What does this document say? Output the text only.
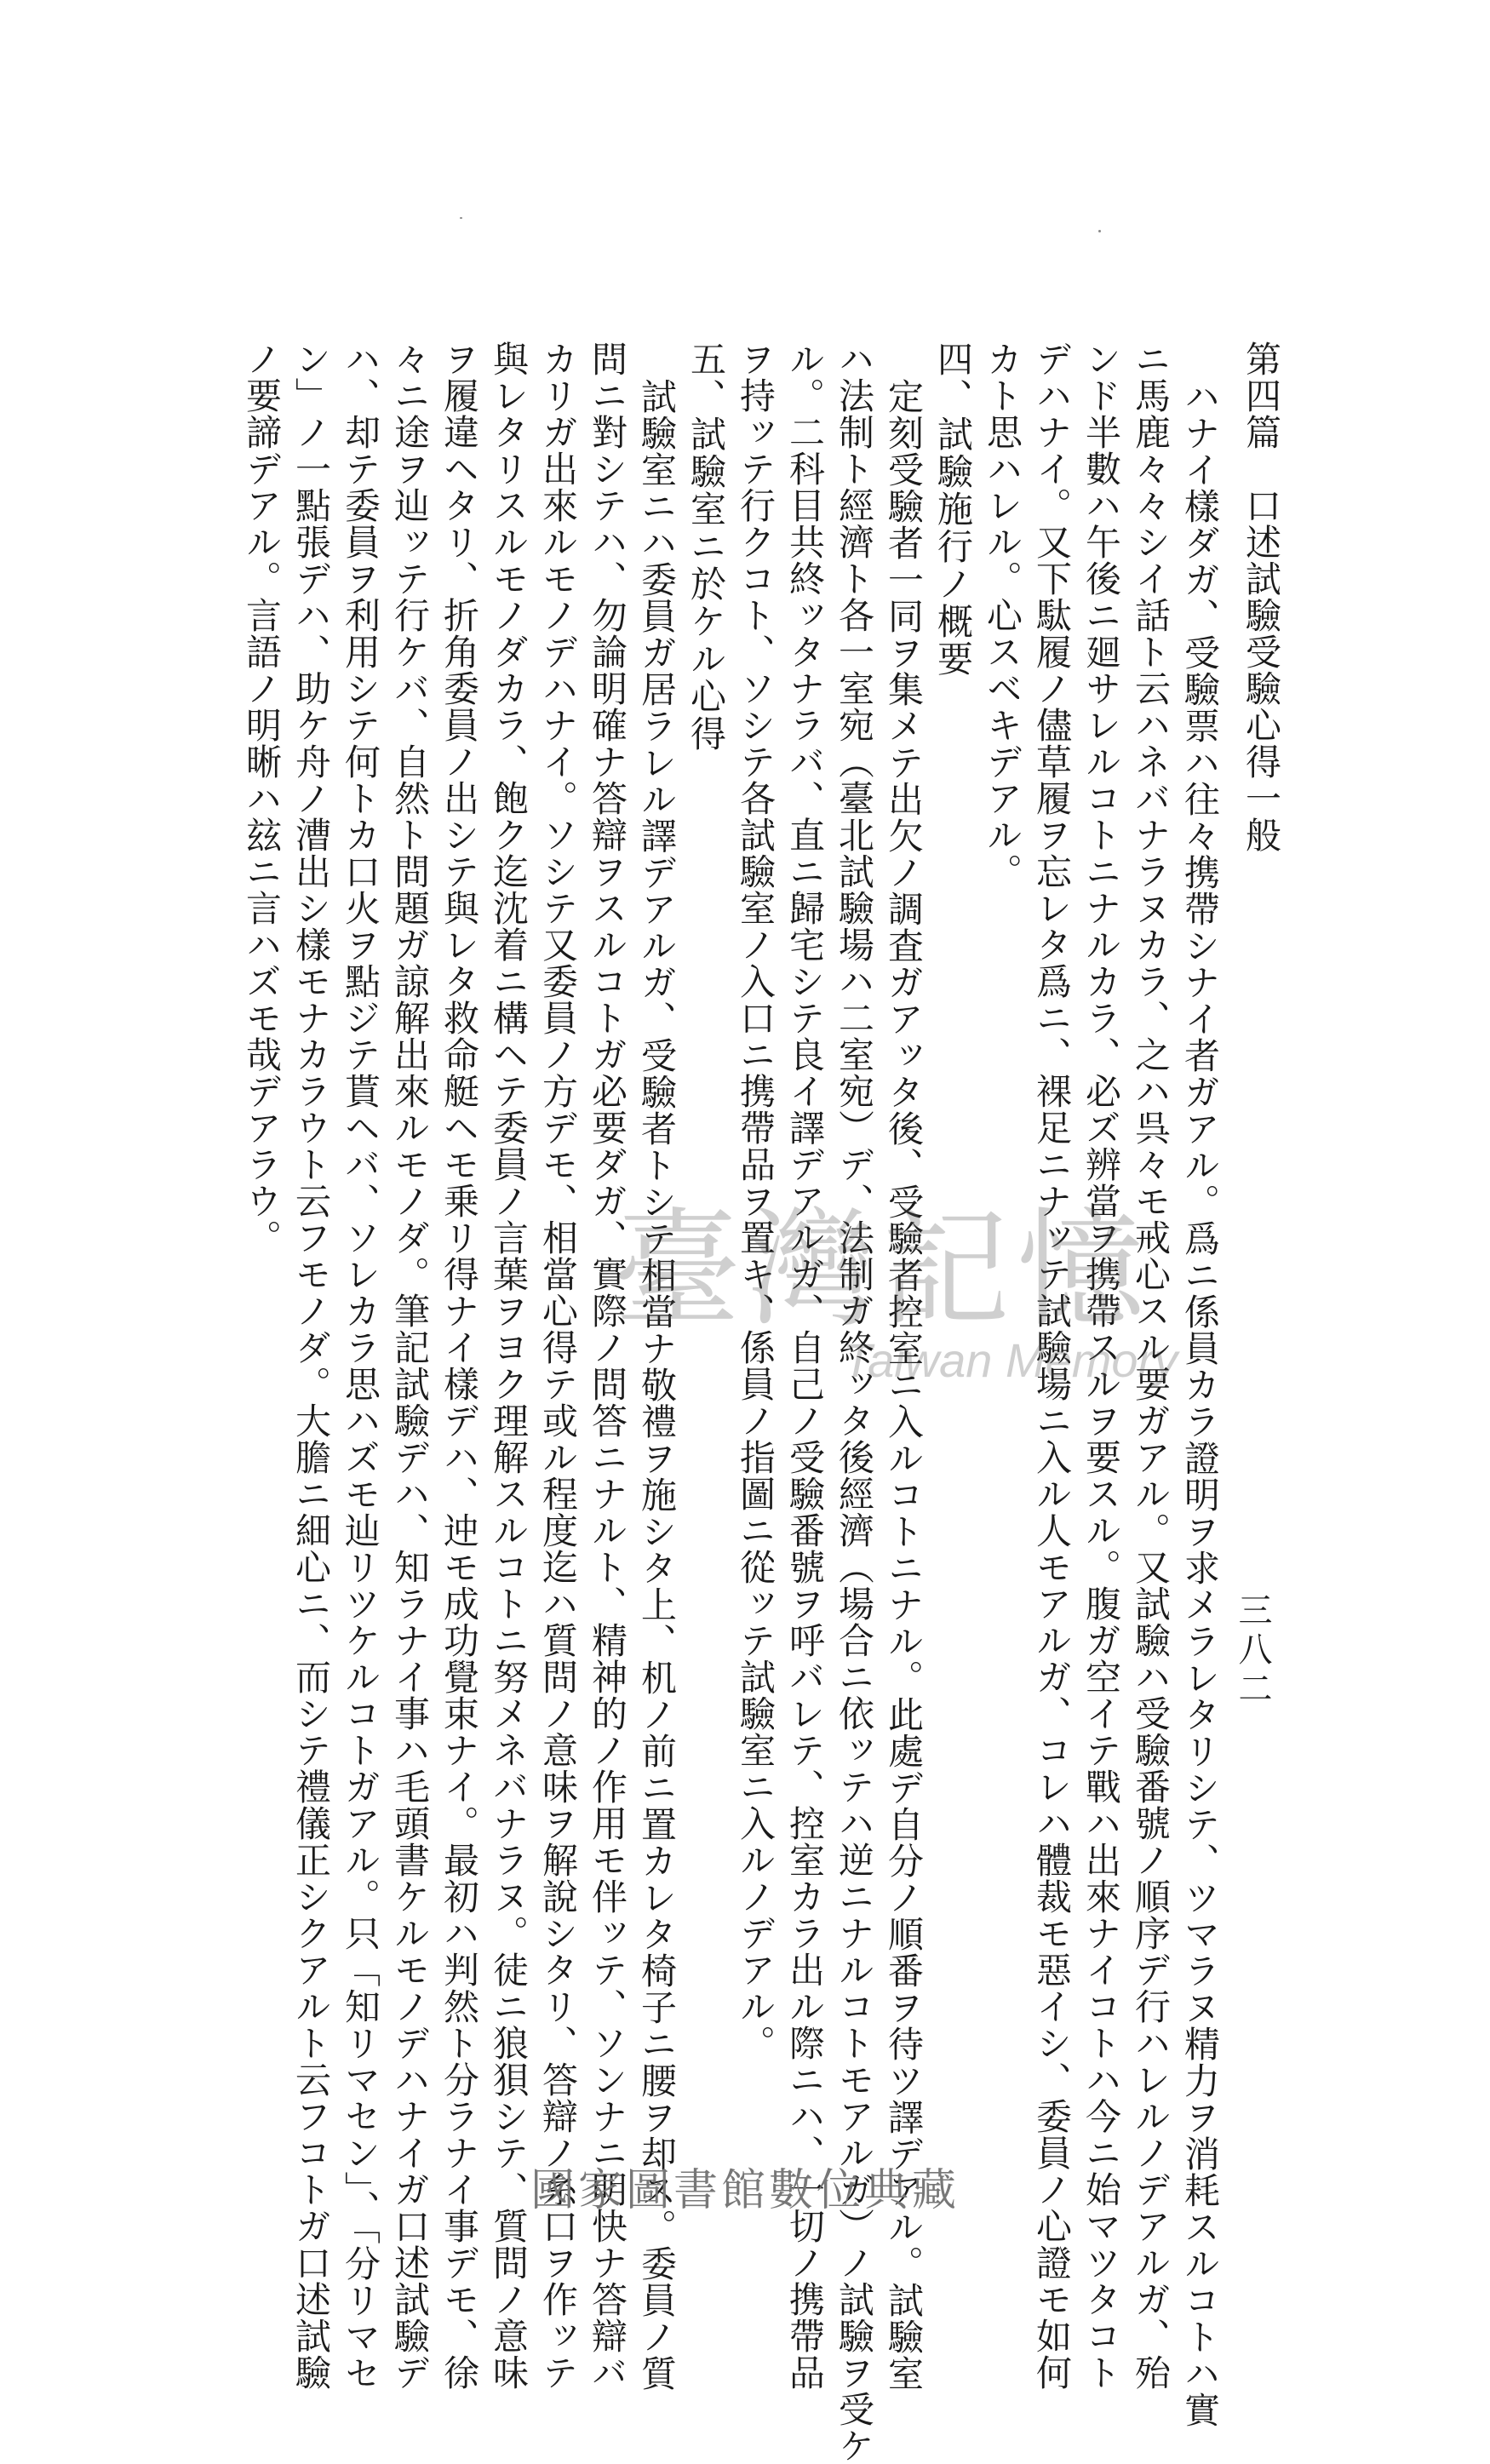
第四篇　口述試驗受驗心得一般
ハナイ樣ダガ、受驗票ハ往々携帶シナイ者ガアル。爲ニ係員カラ證明ヲ求メラレタリシテ、ツマラヌ精力ヲ消耗スルコトハ實
ニ馬鹿々々シイ話ト云ハネバナラヌカラ、之ハ呉々モ戒心スル要ガアル。又試驗ハ受驗番號ノ順序デ行ハレルノデアルガ、殆
ンド半數ハ午後ニ廻サレルコトニナルカラ、必ズ辨當ヲ携帶スルヲ要スル。腹ガ空イテ戰ハ出來ナイコトハ今ニ始マツタコト
デハナイ。又下駄履ノ儘草履ヲ忘レタ爲ニ、裸足ニナッテ試驗場ニ入ル人モアルガ、コレハ體裁モ惡イシ、委員ノ心證モ如何
カト思ハレル。心スベキデアル。
四、試驗施行ノ概要
定刻受驗者一同ヲ集メテ出欠ノ調査ガアッタ後、受驗者控室ニ入ルコトニナル。此處デ自分ノ順番ヲ待ツ譯デアル。試驗室
ハ法制ト經濟ト各一室宛（臺北試驗場ハ二室宛）デ、法制ガ終ッタ後經濟（場合ニ依ッテハ逆ニナルコトモアルガ）ノ試驗ヲ受ケ
ル。二科目共終ッタナラバ、直ニ歸宅シテ良イ譯デアルガ、自己ノ受驗番號ヲ呼バレテ、控室カラ出ル際ニハ、一切ノ携帶品
ヲ持ッテ行クコト、ソシテ各試驗室ノ入口ニ携帶品ヲ置キ、係員ノ指圖ニ從ッテ試驗室ニ入ルノデアル。
五、試驗室ニ於ケル心得
試驗室ニハ委員ガ居ラレル譯デアルガ、受驗者トシテ相當ナ敬禮ヲ施シタ上、机ノ前ニ置カレタ椅子ニ腰ヲ却ス。委員ノ質
問ニ對シテハ、勿論明確ナ答辯ヲスルコトガ必要ダガ、實際ノ問答ニナルト、精神的ノ作用モ伴ッテ、ソンナニ明快ナ答辯バ
カリガ出來ルモノデハナイ。ソシテ又委員ノ方デモ、相當心得テ或ル程度迄ハ質問ノ意味ヲ解說シタリ、答辯ノ糸口ヲ作ッテ
與レタリスルモノダカラ、飽ク迄沈着ニ構ヘテ委員ノ言葉ヲヨク理解スルコトニ努メネバナラヌ。徒ニ狼狽シテ、質問ノ意味
ヲ履違ヘタリ、折角委員ノ出シテ與レタ救命艇ヘモ乗リ得ナイ樣デハ、迚モ成功覺束ナイ。最初ハ判然ト分ラナイ事デモ、徐
々ニ途ヲ辿ッテ行ケバ、自然ト問題ガ諒解出來ルモノダ。筆記試驗デハ、知ラナイ事ハ毛頭書ケルモノデハナイガ口述試驗デ
ハ、却テ委員ヲ利用シテ何トカ口火ヲ點ジテ貰ヘバ、ソレカラ思ハズモ辿リツケルコトガアル。只「知リマセン」、「分リマセ
ン」ノ一點張デハ、助ケ舟ノ漕出シ樣モナカラウト云フモノダ。大膽ニ細心ニ、而シテ禮儀正シクアルト云フコトガ口述試驗
ノ要諦デアル。言語ノ明晰ハ玆ニ言ハズモ哉デアラウ。
三八二
臺灣記憶
Taiwan Memory
國家圖書館數位典藏
